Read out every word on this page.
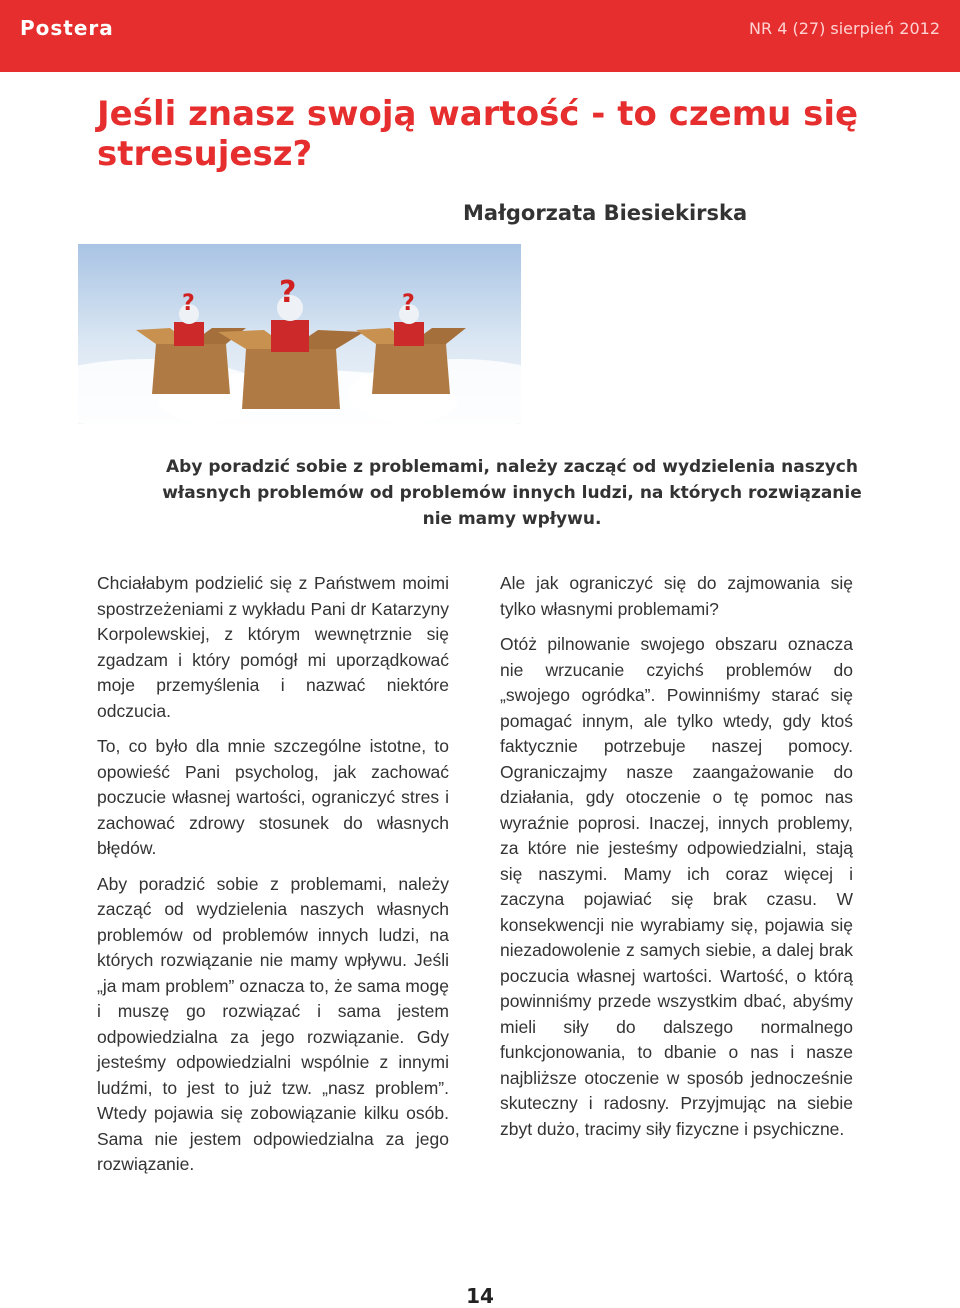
Postera	NR 4 (27) sierpień 2012
Jeśli znasz swoją wartość - to czemu się stresujesz?
Małgorzata Biesiekirska
?	?	?
Aby poradzić sobie z problemami, należy zacząć od wydzielenia naszych własnych problemów od problemów innych ludzi, na których rozwiązanie nie mamy wpływu.

Chciałabym podzielić się z Państwem moimi spostrzeżeniami z wykładu Pani dr Katarzyny Korpolewskiej, z którym wewnętrznie się zgadzam i który pomógł mi uporządkować moje przemyślenia i nazwać niektóre odczucia.

To, co było dla mnie szczególne istotne, to opowieść Pani psycholog, jak zachować poczucie własnej wartości, ograniczyć stres i zachować zdrowy stosunek do własnych błędów.

Aby poradzić sobie z problemami, należy zacząć od wydzielenia naszych własnych problemów od problemów innych ludzi, na których rozwiązanie nie mamy wpływu. Jeśli „ja mam problem” oznacza to, że sama mogę i muszę go rozwiązać i sama jestem odpowiedzialna za jego rozwiązanie. Gdy jesteśmy odpowiedzialni wspólnie z innymi ludźmi, to jest to już tzw. „nasz problem”. Wtedy pojawia się zobowiązanie kilku osób. Sama nie jestem odpowiedzialna za jego rozwiązanie.

Ale jak ograniczyć się do zajmowania się tylko własnymi problemami?

Otóż pilnowanie swojego obszaru oznacza nie wrzucanie czyichś problemów do „swojego ogródka”. Powinniśmy starać się pomagać innym, ale tylko wtedy, gdy ktoś faktycznie potrzebuje naszej pomocy. Ograniczajmy nasze zaangażowanie do działania, gdy otoczenie o tę pomoc nas wyraźnie poprosi. Inaczej, innych problemy, za które nie jesteśmy odpowiedzialni, stają się naszymi. Mamy ich coraz więcej i zaczyna pojawiać się brak czasu. W konsekwencji nie wyrabiamy się, pojawia się niezadowolenie z samych siebie, a dalej brak poczucia własnej wartości. Wartość, o którą powinniśmy przede wszystkim dbać, abyśmy mieli siły do dalszego normalnego funkcjonowania, to dbanie o nas i nasze najbliższe otoczenie w sposób jednocześnie skuteczny i radosny. Przyjmując na siebie zbyt dużo, tracimy siły fizyczne i psychiczne.

14
